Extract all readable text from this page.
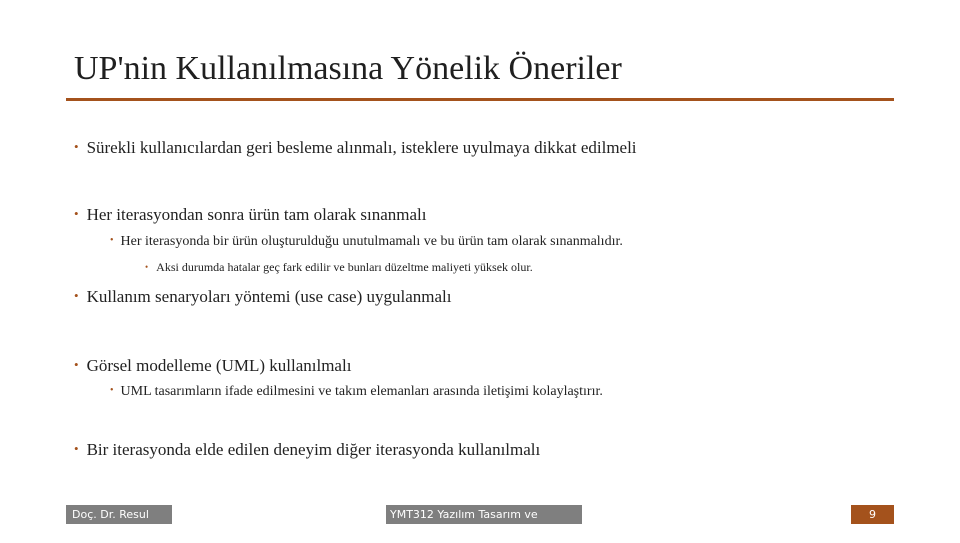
UP'nin Kullanılmasına Yönelik Öneriler
• Sürekli kullanıcılardan geri besleme alınmalı, isteklere uyulmaya dikkat edilmeli
• Her iterasyondan sonra ürün tam olarak sınanmalı
• Her iterasyonda bir ürün oluşturulduğu unutulmamalı ve bu ürün tam olarak sınanmalıdır.
• Aksi durumda hatalar geç fark edilir ve bunları düzeltme maliyeti yüksek olur.
• Kullanım senaryoları yöntemi (use case) uygulanmalı
• Görsel modelleme (UML) kullanılmalı
• UML tasarımların ifade edilmesini ve takım elemanları arasında iletişimi kolaylaştırır.
• Bir iterasyonda elde edilen deneyim diğer iterasyonda kullanılmalı
Doç. Dr. Resul DAŞ
YMT312 Yazılım Tasarım ve Mimarisi
9
